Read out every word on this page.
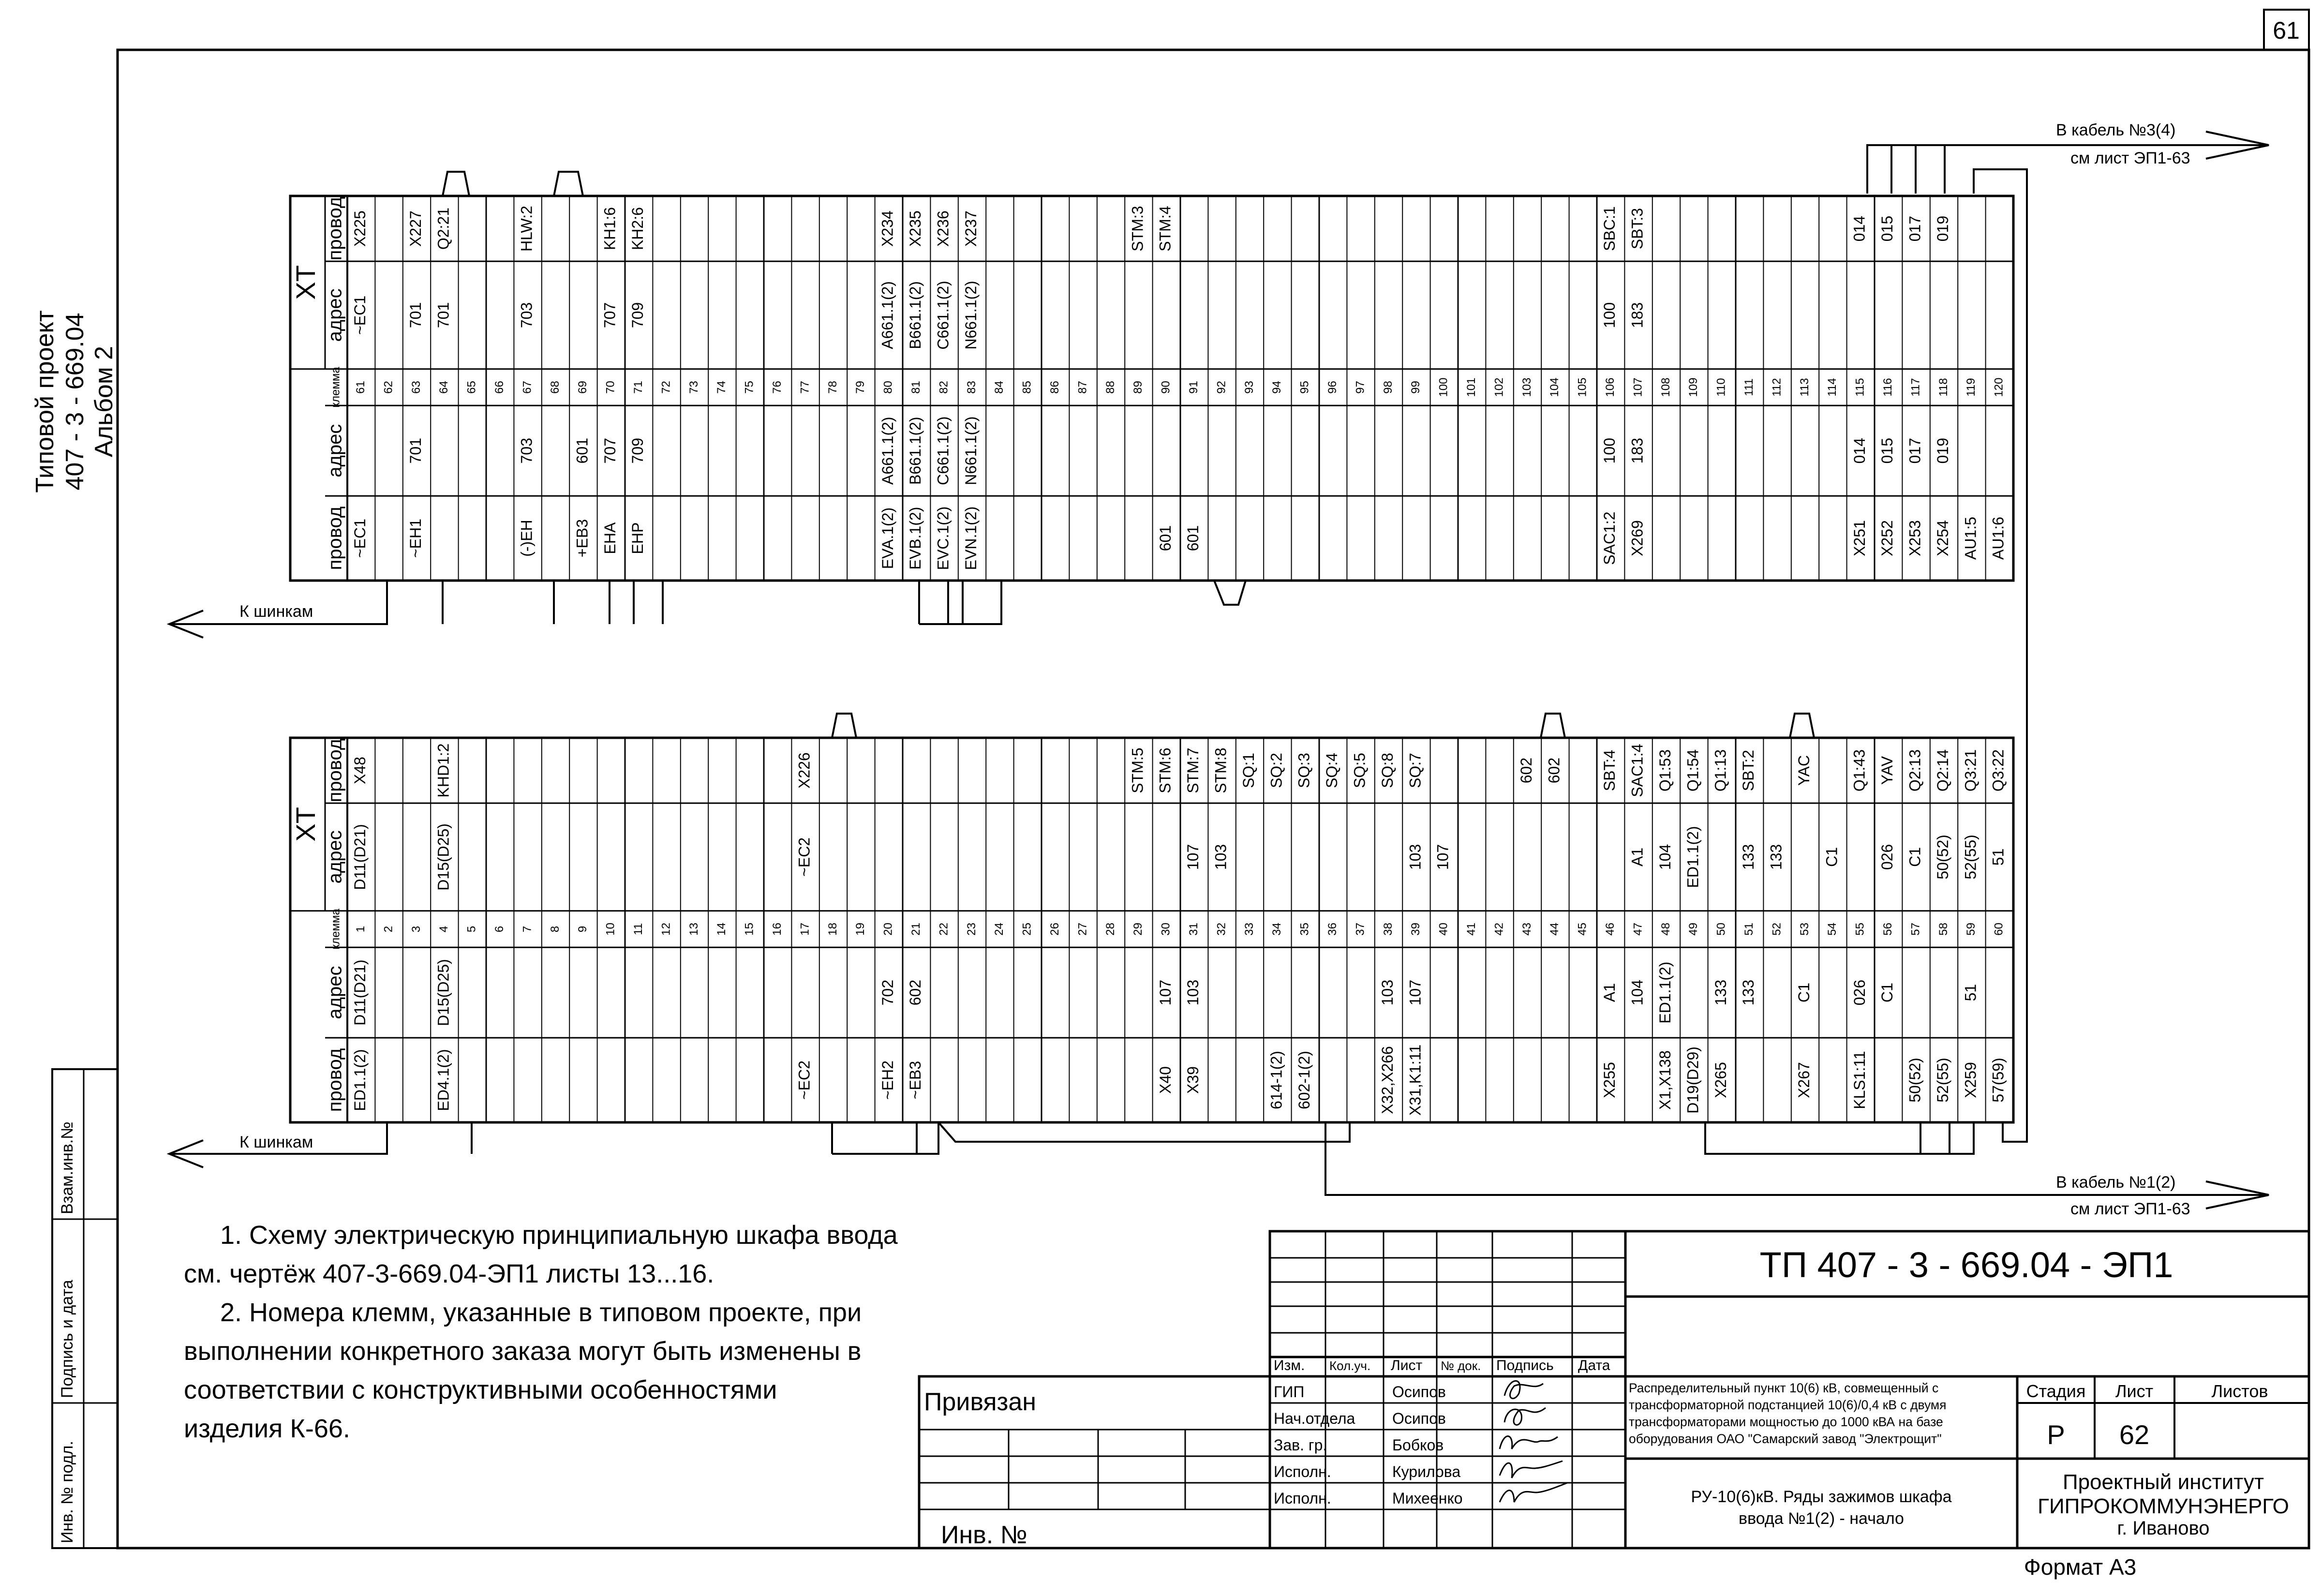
61
Типовой проект 407 - 3 - 669.04 Альбом 2
Инв. № подл.
Подпись и дата
Взам.инв.№
XT
провод
адрес
клемма
адрес
провод
X225
~EC1
61
~EC1
62
X227
701
63
701
~EH1
Q2:21
701
64 65 66
HLW:2
703
67
703
(-)EH
68 69
601
+EB3
KH1:6
707
70
707
EHA
KH2:6
709
71
709
EHP
72 73 74 75 76 77 78 79
X234
A661.1(2)
80
A661.1(2)
EVA.1(2)
X235
B661.1(2)
81
B661.1(2)
EVB.1(2)
X236
C661.1(2)
82
C661.1(2)
EVC.1(2)
X237
N661.1(2)
83
N661.1(2)
EVN.1(2)
84 85 86 87 88
STM:3
89
STM:4
90
601
91
601
92 93 94 95 96 97 98 99 100 101 102 103 104 105
SBC:1
100
106
100
SAC1:2
SBT:3
183
107
183
X269
108 109 110 111 112 113 114
014
115
014
X251
015
116
015
X252
017
117
017
X253
019
118
019
X254
119
AU1:5
120
AU1:6
XT
провод
адрес
клемма
адрес
провод
X48
D11(D21)
1
D11(D21)
ED1.1(2)
2 3
KHD1:2
D15(D25)
4
D15(D25)
ED4.1(2)
5 6 7 8 9 10 11 12 13 14 15 16
X226
~EC2
17
~EC2
18 19 20
702
~EH2
21
602
~EB3
22 23 24 25 26 27 28
STM:5
29
STM:6
30
107
X40
STM:7
107
31
103
X39
STM:8
103
32
SQ:1
33
SQ:2
34
614-1(2)
SQ:3
35
602-1(2)
SQ:4
36
SQ:5
37
SQ:8
38
103
X32,X266
SQ:7
103
39
107
X31,K1:11
107
40 41 42
602
43
602
44 45
SBT:4
46
A1
X255
SAC1:4
A1
47
104
Q1:53
104
48
ED1.1(2)
X1,X138
Q1:54
ED1.1(2)
49
D19(D29)
Q1:13
50
133
X265
SBT:2
133
51
133
133
52
YAC
53
C1
X267
C1
54
Q1:43
55
026
KLS1:11
YAV
026
56
C1
Q2:13
C1
57
50(52)
Q2:14
50(52)
58
52(55)
Q3:21
52(55)
59
51
X259
Q3:22
51
60
57(59)
К шинкам
К шинкам
В кабель №3(4)
см лист ЭП1-63
В кабель №1(2)
см лист ЭП1-63
Изм. Кол.уч. Лист № док. Подпись Дата
ГИП
Нач.отдела
Зав. гр.
Исполн.
Исполн.
Осипов
Осипов
Бобков
Курилова
Михеенко
ТП 407 - 3 - 669.04 - ЭП1
Привязан
Инв. №
Распределительный пункт 10(6) кВ, совмещенный с
трансформаторной подстанцией 10(6)/0,4 кВ с двумя
трансформаторами мощностью до 1000 кВА на базе
оборудования ОАО "Самарский завод "Электрощит"
РУ-10(6)кВ. Ряды зажимов шкафа
ввода №1(2) - начало
Стадия Лист	Листов
Р 62
Проектный институт
ГИПРОКОММУНЭНЕРГО
г. Иваново
Формат А3
1. Схему электрическую принципиальную шкафа ввода
см. чертёж 407-3-669.04-ЭП1 листы 13...16.
2. Номера клемм, указанные в типовом проекте, при
выполнении конкретного заказа могут быть изменены в
соответствии с конструктивными особенностями
изделия К-66.
